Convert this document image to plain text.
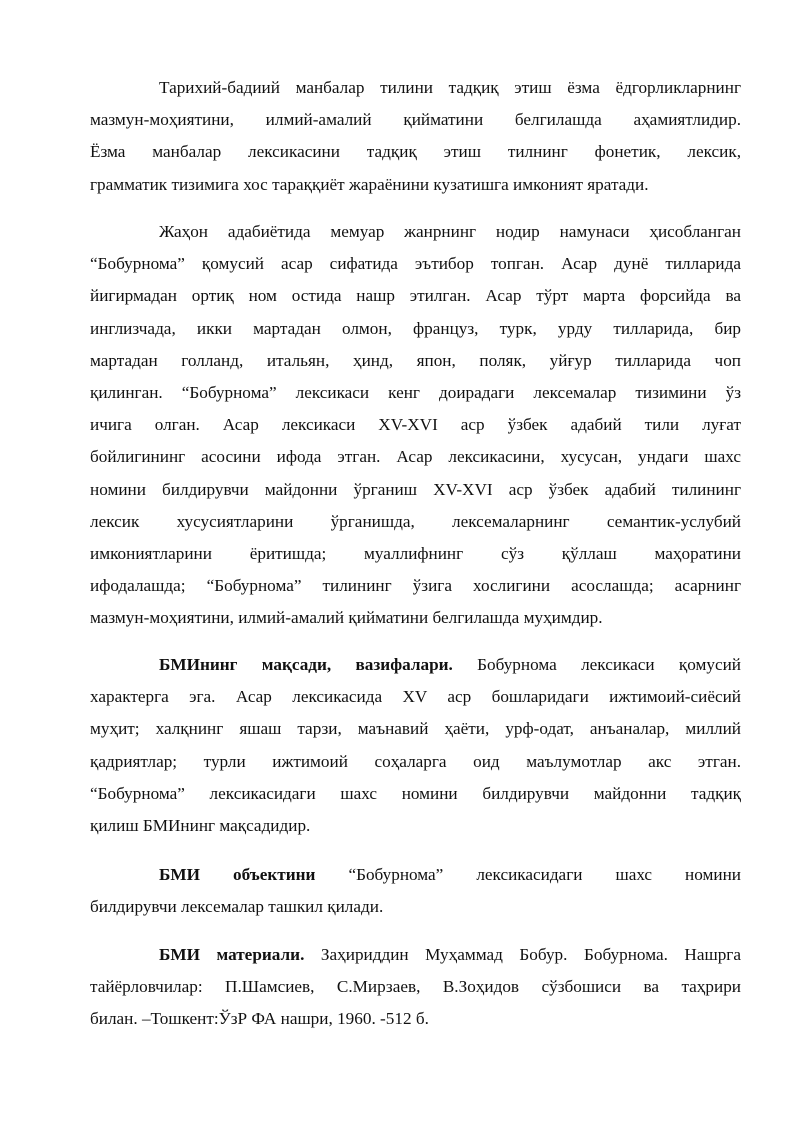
Тарихий-бадиий манбалар тилини тадқиқ этиш ёзма ёдгорликларнинг
мазмун-моҳиятини, илмий-амалий қийматини белгилашда аҳамиятлидир.
Ёзма манбалар лексикасини тадқиқ этиш тилнинг фонетик, лексик,
грамматик тизимига хос тараққиёт жараёнини кузатишга имконият яратади.
Жаҳон адабиётида мемуар жанрнинг нодир намунаси ҳисобланган
“Бобурнома” қомусий асар сифатида эътибор топган. Асар дунё тилларида
йигирмадан ортиқ ном остида нашр этилган. Асар тўрт марта форсийда ва
инглизчада, икки мартадан олмон, француз, турк, урду тилларида, бир
мартадан голланд, итальян, ҳинд, япон, поляк, уйғур тилларида чоп
қилинган. “Бобурнома” лексикаси кенг доирадаги лексемалар тизимини ўз
ичига олган. Асар лексикаси XV-XVI аср ўзбек адабий тили луғат
бойлигининг асосини ифода этган. Асар лексикасини, хусусан, ундаги шахс
номини билдирувчи майдонни ўрганиш XV-XVI аср ўзбек адабий тилининг
лексик хусусиятларини ўрганишда, лексемаларнинг семантик-услубий
имкониятларини ёритишда; муаллифнинг сўз қўллаш маҳоратини
ифодалашда; “Бобурнома” тилининг ўзига хослигини асослашда; асарнинг
мазмун-моҳиятини, илмий-амалий қийматини белгилашда муҳимдир.
БМИнинг мақсади, вазифалари. Бобурнома лексикаси қомусий
характерга эга. Асар лексикасида XV аср бошларидаги ижтимоий-сиёсий
муҳит; халқнинг яшаш тарзи, маънавий ҳаёти, урф-одат, анъаналар, миллий
қадриятлар; турли ижтимоий соҳаларга оид маълумотлар акс этган.
“Бобурнома” лексикасидаги шахс номини билдирувчи майдонни тадқиқ
қилиш БМИнинг мақсадидир.
БМИ объектини “Бобурнома” лексикасидаги шахс номини
билдирувчи лексемалар ташкил қилади.
БМИ материали. Заҳириддин Муҳаммад Бобур. Бобурнома. Нашрга
тайёрловчилар: П.Шамсиев, С.Мирзаев, В.Зоҳидов сўзбошиси ва таҳрири
билан. –Тошкент:ЎзР ФА нашри, 1960. -512 б.
